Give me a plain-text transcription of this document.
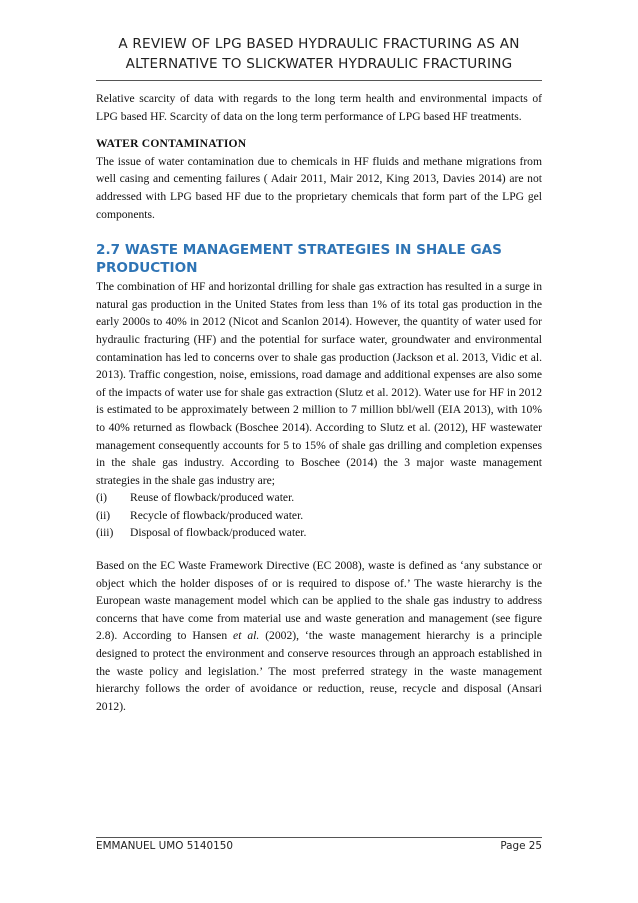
A REVIEW OF LPG BASED HYDRAULIC FRACTURING AS AN
ALTERNATIVE TO SLICKWATER HYDRAULIC FRACTURING

Relative scarcity of data with regards to the long term health and environmental impacts of LPG based HF. Scarcity of data on the long term performance of LPG based HF treatments.

WATER CONTAMINATION

The issue of water contamination due to chemicals in HF fluids and methane migrations from well casing and cementing failures ( Adair 2011, Mair 2012, King 2013, Davies 2014) are not addressed with LPG based HF due to the proprietary chemicals that form part of the LPG gel components.

2.7 WASTE MANAGEMENT STRATEGIES IN SHALE GAS
PRODUCTION

The combination of HF and horizontal drilling for shale gas extraction has resulted in a surge in natural gas production in the United States from less than 1% of its total gas production in the early 2000s to 40% in 2012 (Nicot and Scanlon 2014). However, the quantity of water used for hydraulic fracturing (HF) and the potential for surface water, groundwater and environmental contamination has led to concerns over to shale gas production (Jackson et al. 2013, Vidic et al. 2013). Traffic congestion, noise, emissions, road damage and additional expenses are also some of the impacts of water use for shale gas extraction (Slutz et al. 2012). Water use for HF in 2012 is estimated to be approximately between 2 million to 7 million bbl/well (EIA 2013), with 10% to 40% returned as flowback (Boschee 2014). According to Slutz et al. (2012), HF wastewater management consequently accounts for 5 to 15% of shale gas drilling and completion expenses in the shale gas industry. According to Boschee (2014) the 3 major waste management strategies in the shale gas industry are;

(i)	Reuse of flowback/produced water.
(ii)	Recycle of flowback/produced water.
(iii)	Disposal of flowback/produced water.

Based on the EC Waste Framework Directive (EC 2008), waste is defined as ‘any substance or object which the holder disposes of or is required to dispose of.’ The waste hierarchy is the European waste management model which can be applied to the shale gas industry to address concerns that have come from material use and waste generation and management (see figure 2.8). According to Hansen et al. (2002), ‘the waste management hierarchy is a principle designed to protect the environment and conserve resources through an approach established in the waste policy and legislation.’ The most preferred strategy in the waste management hierarchy follows the order of avoidance or reduction, reuse, recycle and disposal (Ansari 2012).

EMMANUEL UMO 5140150	Page 25
